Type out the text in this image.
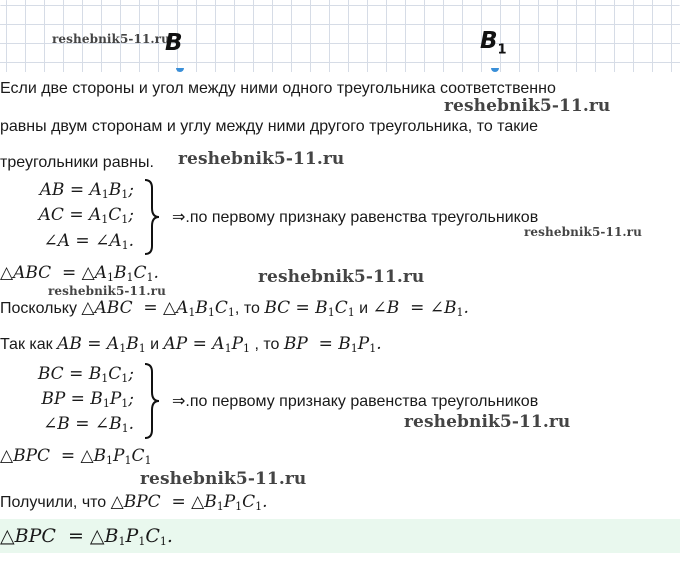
reshebnik5-11.ru
B	$B_1$
Если две стороны и угол между ними одного треугольника соответственно
reshebnik5-11.ru
равны двум сторонам и углу между ними другого треугольника, то такие
треугольники равны. reshebnik5-11.ru
AB = $A_1B_1$;
AC = $A_1C_1$;
∠A = $\angle A_1$.
⇒.по первому признаку равенства треугольников
reshebnik5-11.ru
△ABC  = $\triangle A_1B_1C_1$.	reshebnik5-11.ru
reshebnik5-11.ru
Поскольку △ABC  = $\triangle A_1B_1C_1$, то BC = $B_1C_1$ и ∠B  = $\angle B_1$.
Так как AB = $A_1B_1$ и AP = $A_1P_1$ , то BP  = $B_1P_1$.
BC = $B_1C_1$;
BP = $B_1P_1$;
∠B = $\angle B_1$.
⇒.по первому признаку равенства треугольников
reshebnik5-11.ru
△BPC  = $\triangle B_1P_1C_1$
reshebnik5-11.ru
Получили, что △BPC  = $\triangle B_1P_1C_1$.
△BPC  = $\triangle B_1P_1C_1$.
